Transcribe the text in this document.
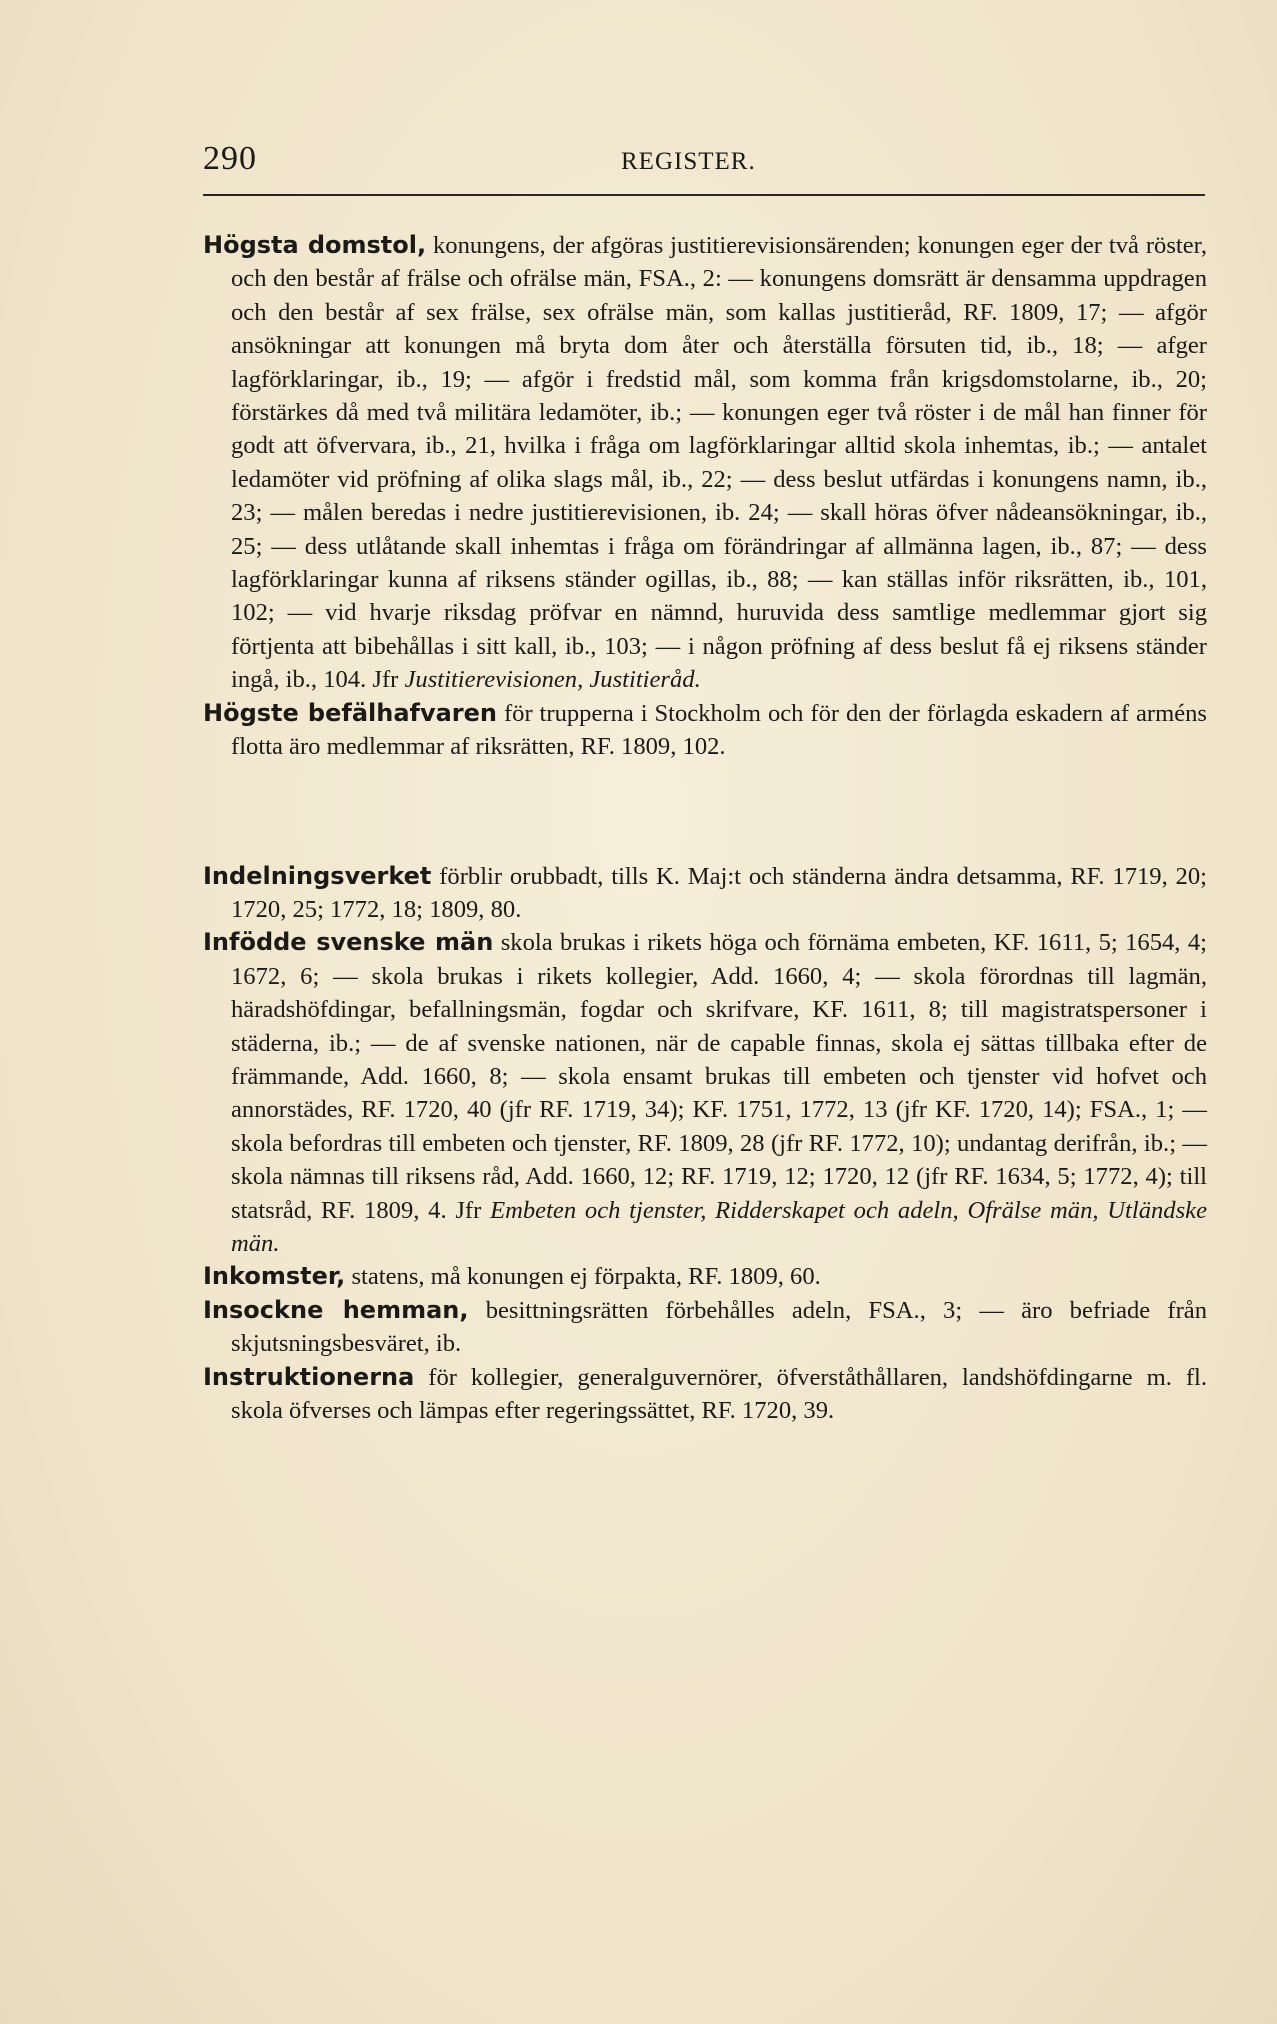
290	REGISTER.

Högsta domstol, konungens, der afgöras justitierevisionsärenden; konungen eger der två röster, och den består af frälse och ofrälse män, FSA., 2: — konungens domsrätt är densamma uppdragen och den består af sex frälse, sex ofrälse män, som kallas justitieråd, RF. 1809, 17; — afgör ansökningar att konungen må bryta dom åter och återställa försuten tid, ib., 18; — afger lagförklaringar, ib., 19; — afgör i fredstid mål, som komma från krigsdomstolarne, ib., 20; förstärkes då med två militära ledamöter, ib.; — konungen eger två röster i de mål han finner för godt att öfvervara, ib., 21, hvilka i fråga om lagförklaringar alltid skola inhemtas, ib.; — antalet ledamöter vid pröfning af olika slags mål, ib., 22; — dess beslut utfärdas i konungens namn, ib., 23; — målen beredas i nedre justitierevisionen, ib. 24; — skall höras öfver nådeansökningar, ib., 25; — dess utlåtande skall inhemtas i fråga om förändringar af allmänna lagen, ib., 87; — dess lagförklaringar kunna af riksens ständer ogillas, ib., 88; — kan ställas inför riksrätten, ib., 101, 102; — vid hvarje riksdag pröfvar en nämnd, huruvida dess samtlige medlemmar gjort sig förtjenta att bibehållas i sitt kall, ib., 103; — i någon pröfning af dess beslut få ej riksens ständer ingå, ib., 104. Jfr Justitierevisionen, Justitieråd.

Högste befälhafvaren för trupperna i Stockholm och för den der förlagda eskadern af arméns flotta äro medlemmar af riksrätten, RF. 1809, 102.

Indelningsverket förblir orubbadt, tills K. Maj:t och ständerna ändra detsamma, RF. 1719, 20; 1720, 25; 1772, 18; 1809, 80.

Infödde svenske män skola brukas i rikets höga och förnäma embeten, KF. 1611, 5; 1654, 4; 1672, 6; — skola brukas i rikets kollegier, Add. 1660, 4; — skola förordnas till lagmän, häradshöfdingar, befallningsmän, fogdar och skrifvare, KF. 1611, 8; till magistratspersoner i städerna, ib.; — de af svenske nationen, när de capable finnas, skola ej sättas tillbaka efter de främmande, Add. 1660, 8; — skola ensamt brukas till embeten och tjenster vid hofvet och annorstädes, RF. 1720, 40 (jfr RF. 1719, 34); KF. 1751, 1772, 13 (jfr KF. 1720, 14); FSA., 1; — skola befordras till embeten och tjenster, RF. 1809, 28 (jfr RF. 1772, 10); undantag derifrån, ib.; — skola nämnas till riksens råd, Add. 1660, 12; RF. 1719, 12; 1720, 12 (jfr RF. 1634, 5; 1772, 4); till statsråd, RF. 1809, 4. Jfr Embeten och tjenster, Ridderskapet och adeln, Ofrälse män, Utländske män.

Inkomster, statens, må konungen ej förpakta, RF. 1809, 60.

Insockne hemman, besittningsrätten förbehålles adeln, FSA., 3; — äro befriade från skjutsningsbesväret, ib.

Instruktionerna för kollegier, generalguvernörer, öfverståthållaren, landshöfdingarne m. fl. skola öfverses och lämpas efter regeringssättet, RF. 1720, 39.
